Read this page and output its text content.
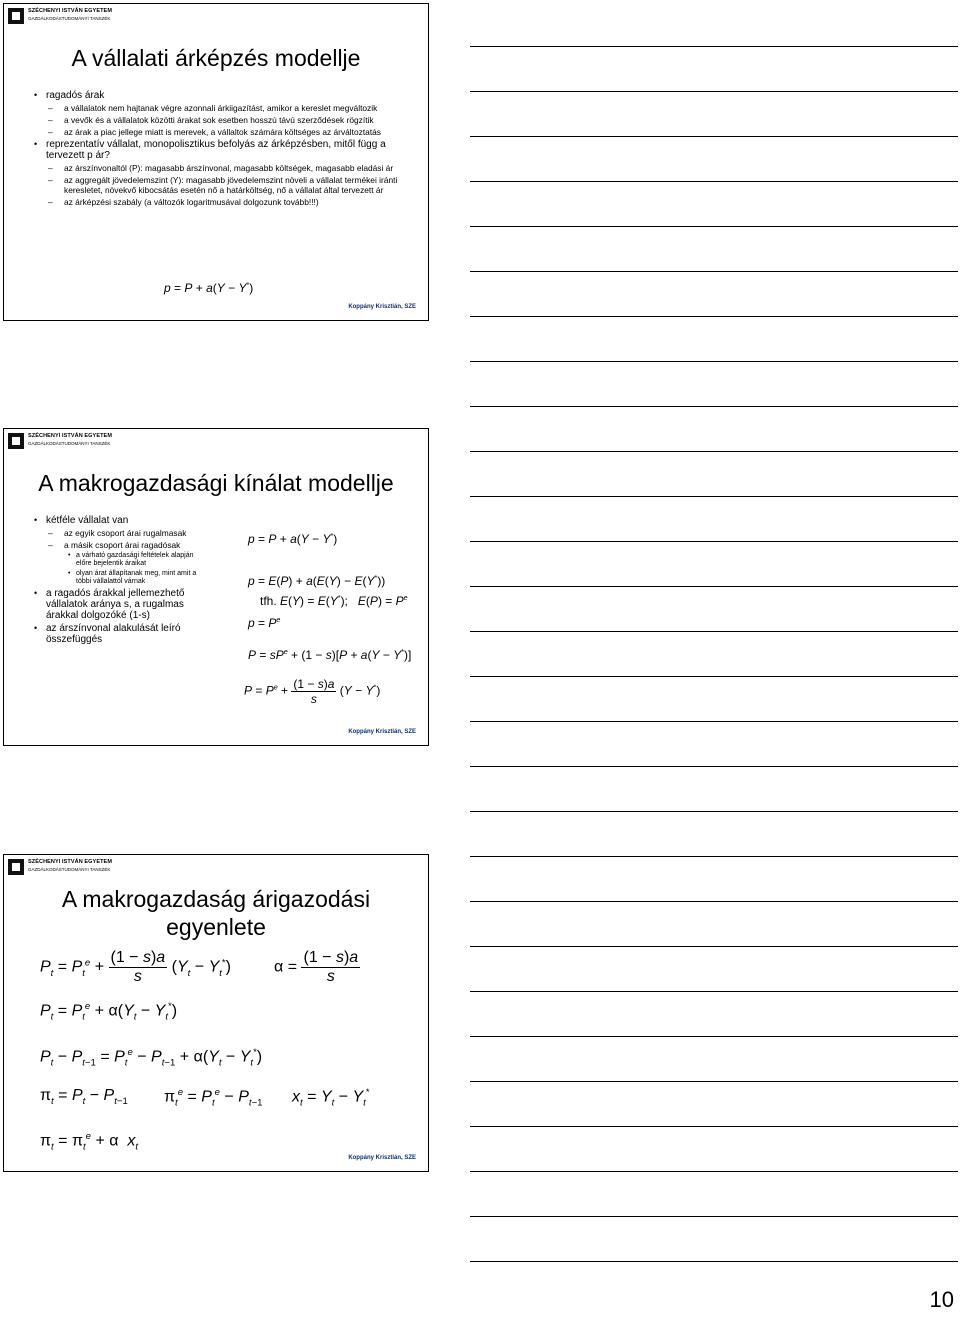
SZÉCHENYI ISTVÁN EGYETEM
GAZDÁLKODÁSTUDOMÁNYI TANSZÉK
A vállalati árképzés modellje
• ragadós árak
– a vállalatok nem hajtanak végre azonnali árkiigazítást, amikor a kereslet megváltozik
– a vevők és a vállalatok közötti árakat sok esetben hosszú távú szerződések rögzítik
– az árak a piac jellege miatt is merevek, a vállaltok számára költséges az árváltoztatás
• reprezentatív vállalat, monopolisztikus befolyás az árképzésben, mitől függ a tervezett p ár?
– az árszínvonaltól (P): magasabb árszínvonal, magasabb költségek, magasabb eladási ár
– az aggregált jövedelemszint (Y): magasabb jövedelemszint növeli a vállalat termékei iránti keresletet, növekvő kibocsátás esetén nő a határköltség, nő a vállalat által tervezett ár
– az árképzési szabály (a változók logaritmusával dolgozunk tovább!!!)
p = P + a(Y − Y*)
Koppány Krisztián, SZE
SZÉCHENYI ISTVÁN EGYETEM
GAZDÁLKODÁSTUDOMÁNYI TANSZÉK
A makrogazdasági kínálat modellje
• kétféle vállalat van
– az egyik csoport árai rugalmasak
– a másik csoport árai ragadósak
• a várható gazdasági feltételek alapján előre bejelentik áraikat
• olyan árat állapítanak meg, mint amit a többi vállalattól várnak
• a ragadós árakkal jellemezhető vállalatok aránya s, a rugalmas árakkal dolgozóké (1-s)
• az árszínvonal alakulását leíró összefüggés
p = P + a(Y − Y*)
p = E(P) + a(E(Y) − E(Y*))
tfh. E(Y) = E(Y*);   $E(P) = P^e$
$p = P^e$
$P = sP^e + (1 - s)[P + a(Y - Y^*)]$
$P = P^e + \frac{(1 - s)a}{s} (Y - Y^*)$
Koppány Krisztián, SZE
SZÉCHENYI ISTVÁN EGYETEM
GAZDÁLKODÁSTUDOMÁNYI TANSZÉK
A makrogazdaság árigazodási egyenlete
$P_t = P_t^e + \frac{(1 - s)a}{s} (Y_t - Y_t^*)$	$\alpha = \frac{(1 - s)a}{s}$
$P_t = P_t^e + \alpha(Y_t - Y_t^*)$
$P_t - P_{t-1} = P_t^e - P_{t-1} + \alpha(Y_t - Y_t^*)$
$\pi_t = P_t - P_{t-1}$ $\pi_t^e = P_t^e - P_{t-1}$ $x_t = Y_t - Y_t^*$
$\pi_t = \pi_t^e + \alpha$  $x_t$
Koppány Krisztián, SZE
10
